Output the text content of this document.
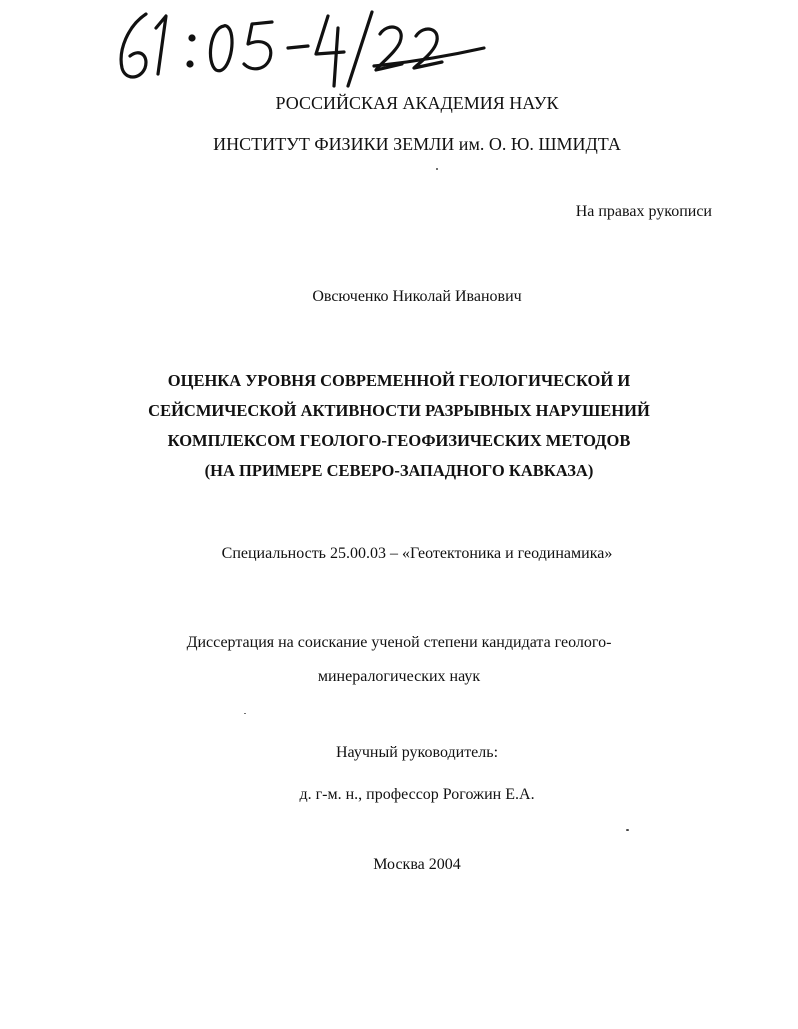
РОССИЙСКАЯ АКАДЕМИЯ НАУК
ИНСТИТУТ ФИЗИКИ ЗЕМЛИ им. О. Ю. ШМИДТА
На правах рукописи
Овсюченко Николай Иванович
ОЦЕНКА УРОВНЯ СОВРЕМЕННОЙ ГЕОЛОГИЧЕСКОЙ И
СЕЙСМИЧЕСКОЙ АКТИВНОСТИ РАЗРЫВНЫХ НАРУШЕНИЙ
КОМПЛЕКСОМ ГЕОЛОГО-ГЕОФИЗИЧЕСКИХ МЕТОДОВ
(НА ПРИМЕРЕ СЕВЕРО-ЗАПАДНОГО КАВКАЗА)
Специальность 25.00.03 – «Геотектоника и геодинамика»
Диссертация на соискание ученой степени кандидата геолого-
минералогических наук
Научный руководитель:
д. г-м. н., профессор Рогожин Е.А.
Москва 2004
